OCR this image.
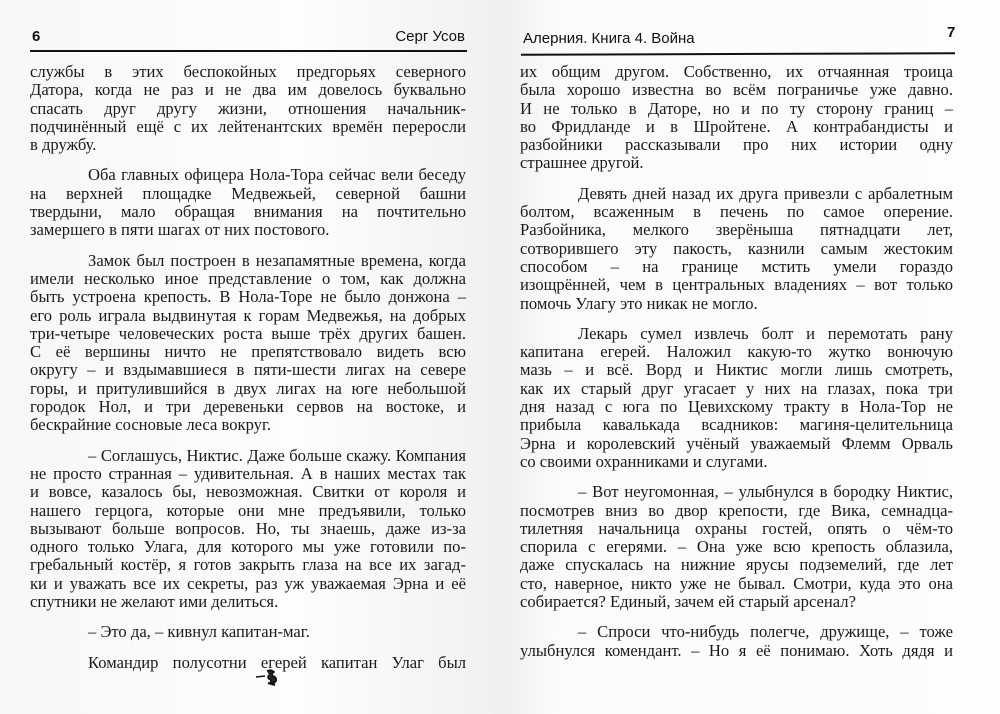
6	Серг Усов
службы в этих беспокойных предгорьях северного
Датора, когда не раз и не два им довелось буквально
спасать друг другу жизни, отношения начальник-
подчинённый ещё с их лейтенантских времён переросли
в дружбу.
Оба главных офицера Нола-Тора сейчас вели беседу
на верхней площадке Медвежьей, северной башни
твердыни, мало обращая внимания на почтительно
замершего в пяти шагах от них постового.
Замок был построен в незапамятные времена, когда
имели несколько иное представление о том, как должна
быть устроена крепость. В Нола-Торе не было донжона –
его роль играла выдвинутая к горам Медвежья, на добрых
три-четыре человеческих роста выше трёх других башен.
С её вершины ничто не препятствовало видеть всю
округу – и вздымавшиеся в пяти-шести лигах на севере
горы, и притулившийся в двух лигах на юге небольшой
городок Нол, и три деревеньки сервов на востоке, и
бескрайние сосновые леса вокруг.
– Соглашусь, Никтис. Даже больше скажу. Компания
не просто странная – удивительная. А в наших местах так
и вовсе, казалось бы, невозможная. Свитки от короля и
нашего герцога, которые они мне предъявили, только
вызывают больше вопросов. Но, ты знаешь, даже из-за
одного только Улага, для которого мы уже готовили по-
гребальный костёр, я готов закрыть глаза на все их загад-
ки и уважать все их секреты, раз уж уважаемая Эрна и её
спутники не желают ими делиться.
– Это да, – кивнул капитан-маг.
Командир полусотни егерей капитан Улаг был
Алерния. Книга 4. Война	7
их общим другом. Собственно, их отчаянная троица
была хорошо известна во всём пограничье уже давно.
И не только в Даторе, но и по ту сторону границ –
во Фридланде и в Шройтене. А контрабандисты и
разбойники рассказывали про них истории одну
страшнее другой.
Девять дней назад их друга привезли с арбалетным
болтом, всаженным в печень по самое оперение.
Разбойника, мелкого зверёныша пятнадцати лет,
сотворившего эту пакость, казнили самым жестоким
способом – на границе мстить умели гораздо
изощрённей, чем в центральных владениях – вот только
помочь Улагу это никак не могло.
Лекарь сумел извлечь болт и перемотать рану
капитана егерей. Наложил какую-то жутко вонючую
мазь – и всё. Ворд и Никтис могли лишь смотреть,
как их старый друг угасает у них на глазах, пока три
дня назад с юга по Цевихскому тракту в Нола-Тор не
прибыла кавалькада всадников: магиня-целительница
Эрна и королевский учёный уважаемый Флемм Орваль
со своими охранниками и слугами.
– Вот неугомонная, – улыбнулся в бородку Никтис,
посмотрев вниз во двор крепости, где Вика, семнадца-
тилетняя начальница охраны гостей, опять о чём-то
спорила с егерями. – Она уже всю крепость облазила,
даже спускалась на нижние ярусы подземелий, где лет
сто, наверное, никто уже не бывал. Смотри, куда это она
собирается? Единый, зачем ей старый арсенал?
– Спроси что-нибудь полегче, дружище, – тоже
улыбнулся комендант. – Но я её понимаю. Хоть дядя и
